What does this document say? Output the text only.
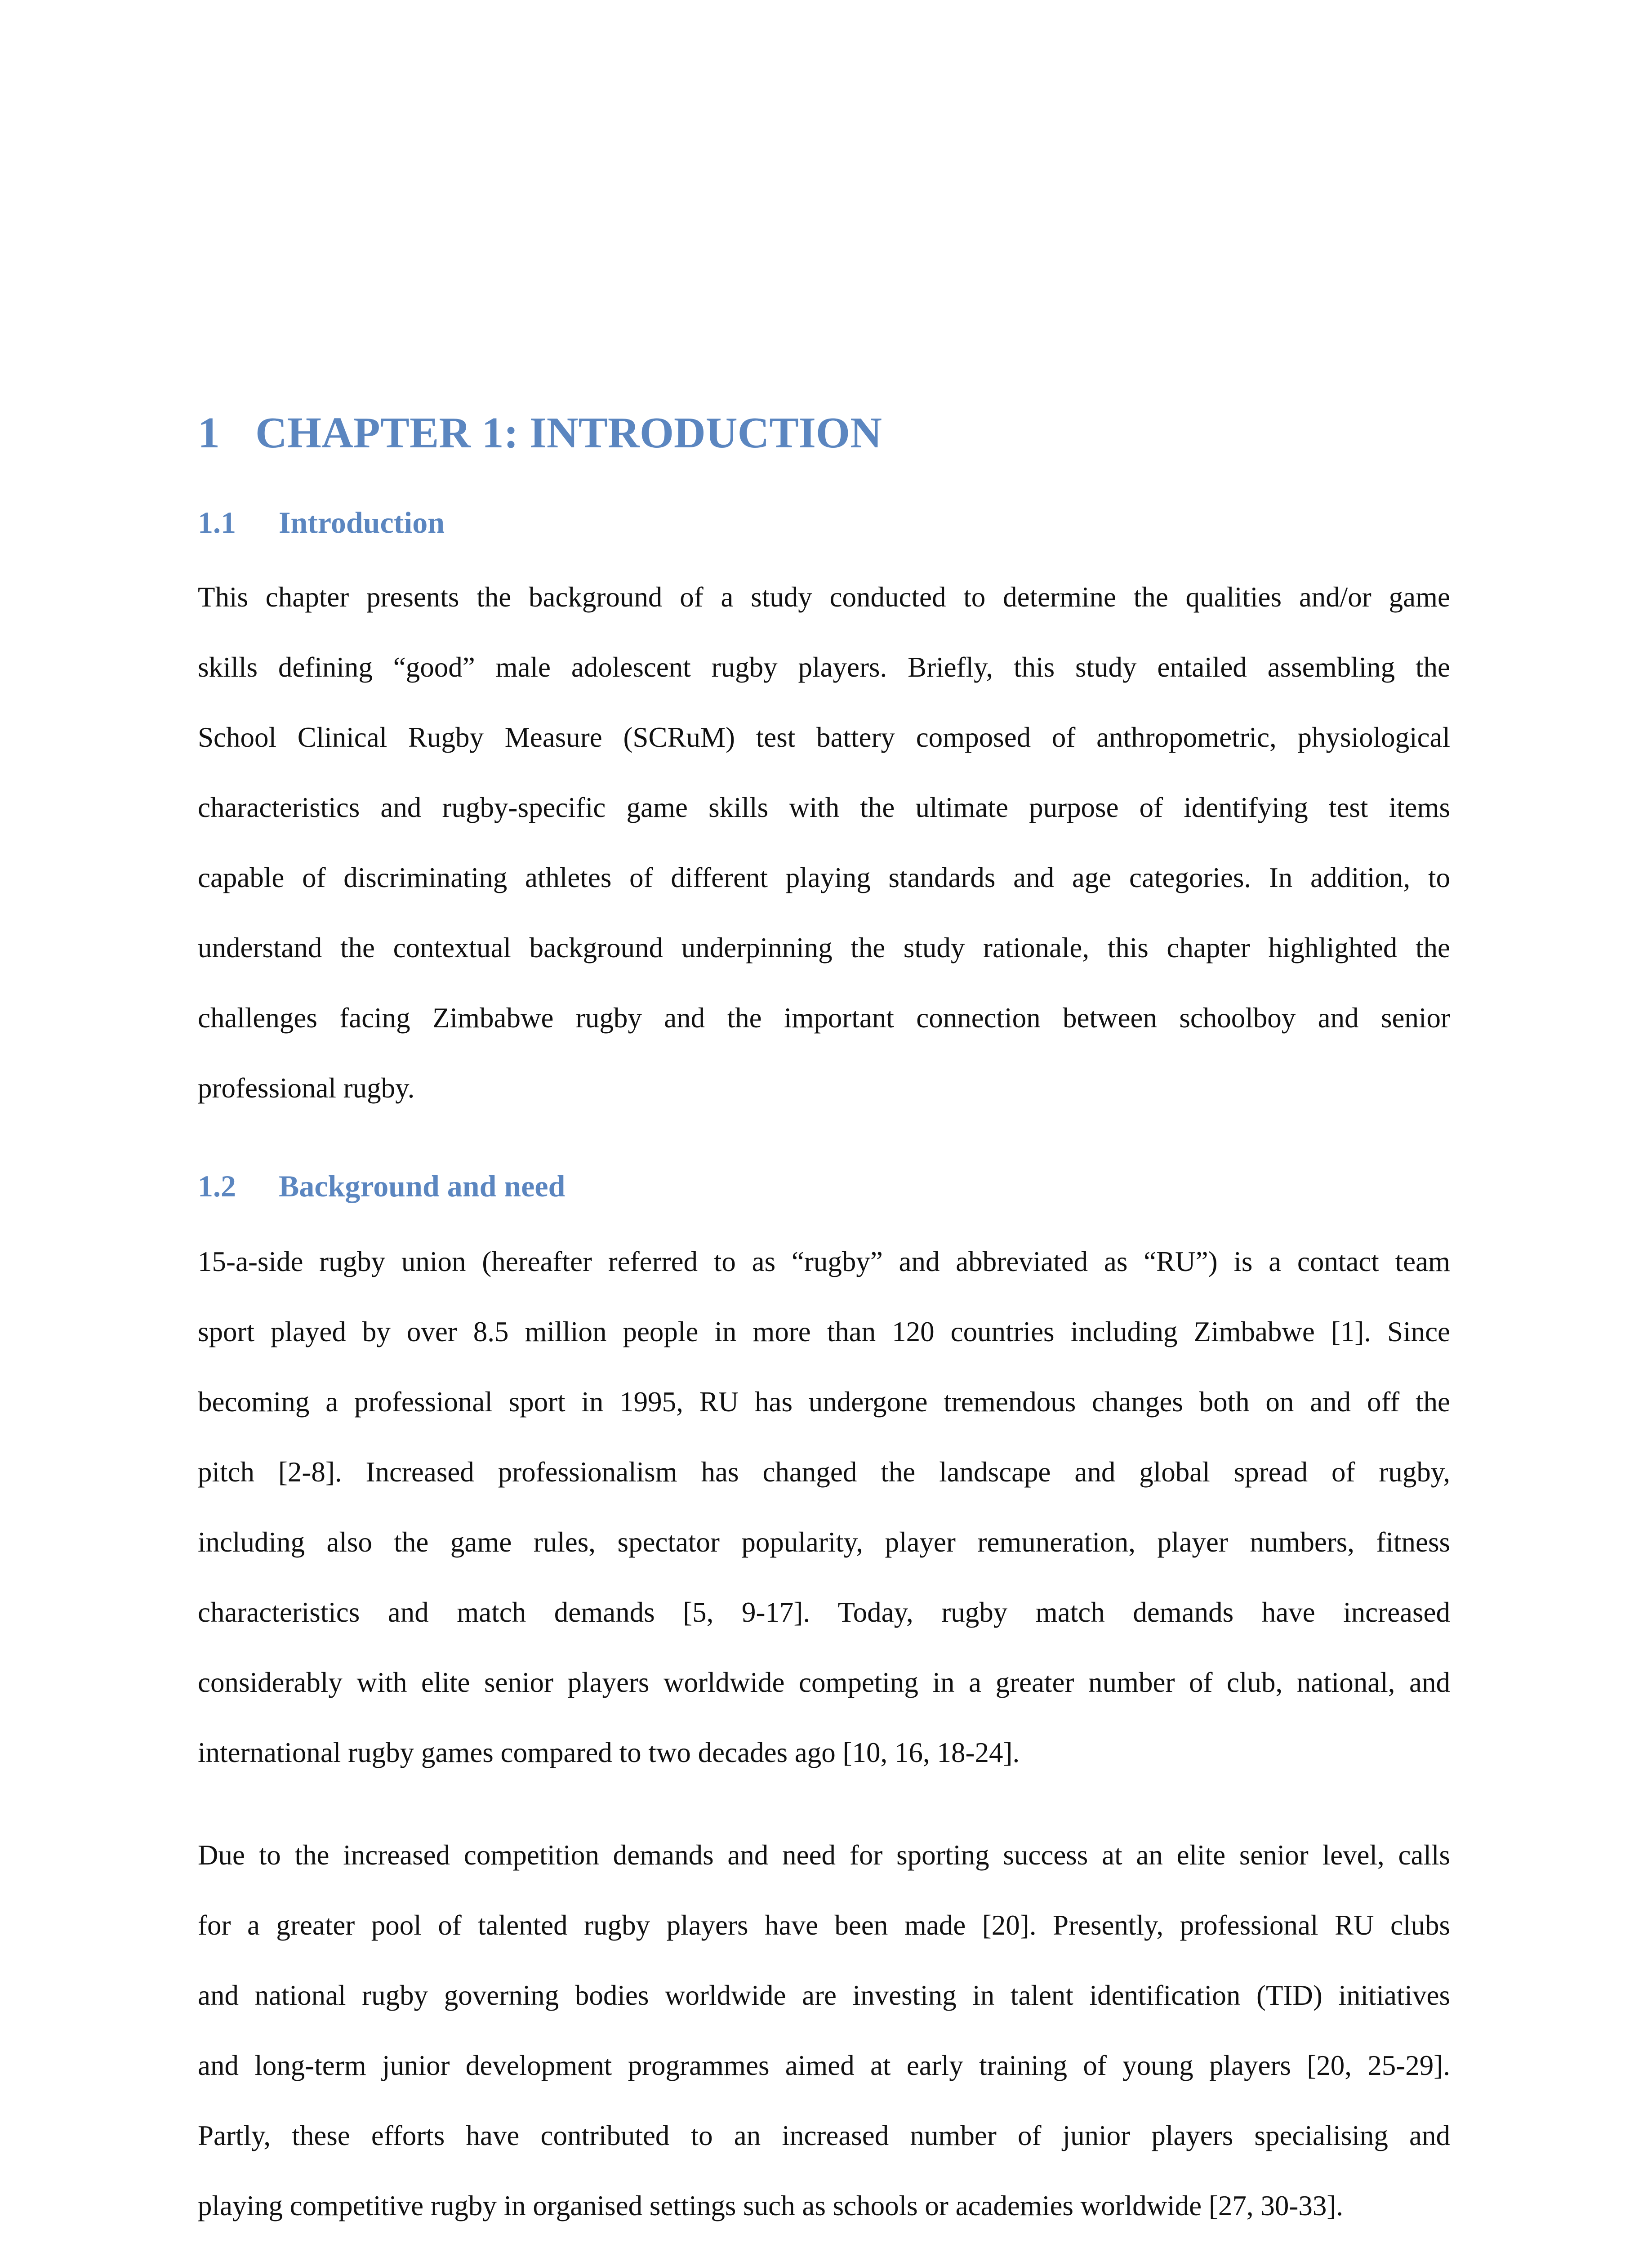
1 CHAPTER 1: INTRODUCTION
1.1 Introduction
This chapter presents the background of a study conducted to determine the qualities and/or game
skills defining “good” male adolescent rugby players. Briefly, this study entailed assembling the
School Clinical Rugby Measure (SCRuM) test battery composed of anthropometric, physiological
characteristics and rugby-specific game skills with the ultimate purpose of identifying test items
capable of discriminating athletes of different playing standards and age categories. In addition, to
understand the contextual background underpinning the study rationale, this chapter highlighted the
challenges facing Zimbabwe rugby and the important connection between schoolboy and senior
professional rugby.
1.2 Background and need
15-a-side rugby union (hereafter referred to as “rugby” and abbreviated as “RU”) is a contact team
sport played by over 8.5 million people in more than 120 countries including Zimbabwe [1]. Since
becoming a professional sport in 1995, RU has undergone tremendous changes both on and off the
pitch [2-8]. Increased professionalism has changed the landscape and global spread of rugby,
including also the game rules, spectator popularity, player remuneration, player numbers, fitness
characteristics and match demands [5, 9-17]. Today, rugby match demands have increased
considerably with elite senior players worldwide competing in a greater number of club, national, and
international rugby games compared to two decades ago [10, 16, 18-24].
Due to the increased competition demands and need for sporting success at an elite senior level, calls
for a greater pool of talented rugby players have been made [20]. Presently, professional RU clubs
and national rugby governing bodies worldwide are investing in talent identification (TID) initiatives
and long-term junior development programmes aimed at early training of young players [20, 25-29].
Partly, these efforts have contributed to an increased number of junior players specialising and
playing competitive rugby in organised settings such as schools or academies worldwide [27, 30-33].
